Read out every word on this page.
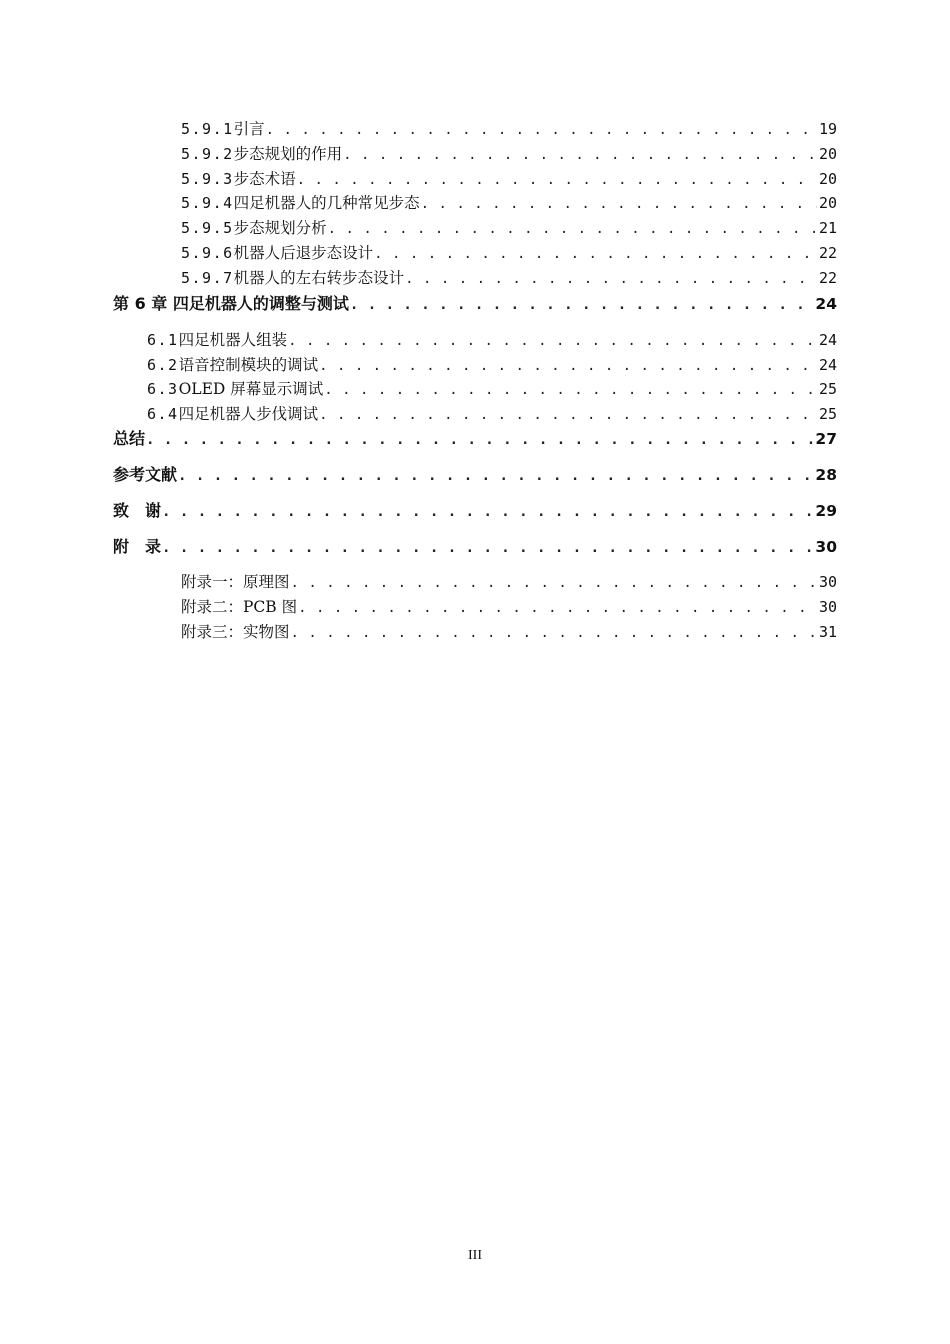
5.9.1 引言 . . .	19
5.9.2 步态规划的作用 . . .	20
5.9.3 步态术语 . . .	20
5.9.4 四足机器人的几种常见步态 . . .	20
5.9.5 步态规划分析 . . .	21
5.9.6 机器人后退步态设计 . . .	22
5.9.7 机器人的左右转步态设计 . . .	22
第 6 章 四足机器人的调整与测试 . . .	24
6.1 四足机器人组装 . . .	24
6.2 语音控制模块的调试 . . .	24
6.3 OLED 屏幕显示调试 . . .	25
6.4 四足机器人步伐调试 . . .	25
总结 . . .	27
参考文献 . . .	28
致　谢 . . .	29
附　录 . . .	30
附录一：原理图 . . .	30
附录二：PCB 图 . . .	30
附录三：实物图 . . .	31
III
